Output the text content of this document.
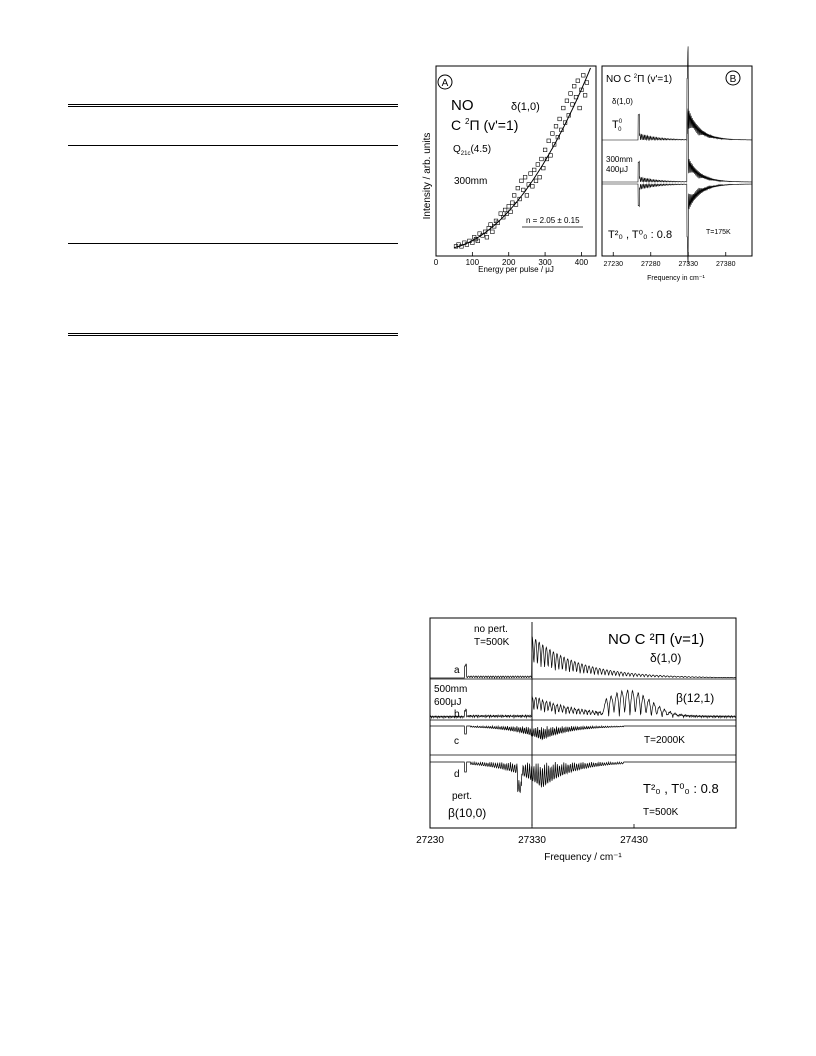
A
NO	δ(1,0)
C $^2$Π (v'=1)
$Q_{21c}(4.5)$
300mm
n = 2.05 ± 0.15
Intensity / arb. units
Energy per pulse / μJ
0	100	200	300	400
NO C $^2$Π (v'=1)	B
δ(1,0)
$T^0$ 0
300mm
400μJ
T²₀ , T⁰₀ : 0.8	T=175K
Frequency in cm⁻¹
27230	27280	27330	27380
NO C ²Π (v=1)
δ(1,0)
β(12,1)
no pert.
T=500K
a
500mm
600μJ
b
c	T=2000K
d
pert.
β(10,0)
T²₀ , T⁰₀ : 0.8
T=500K
Frequency / cm⁻¹
27230	27330	27430
